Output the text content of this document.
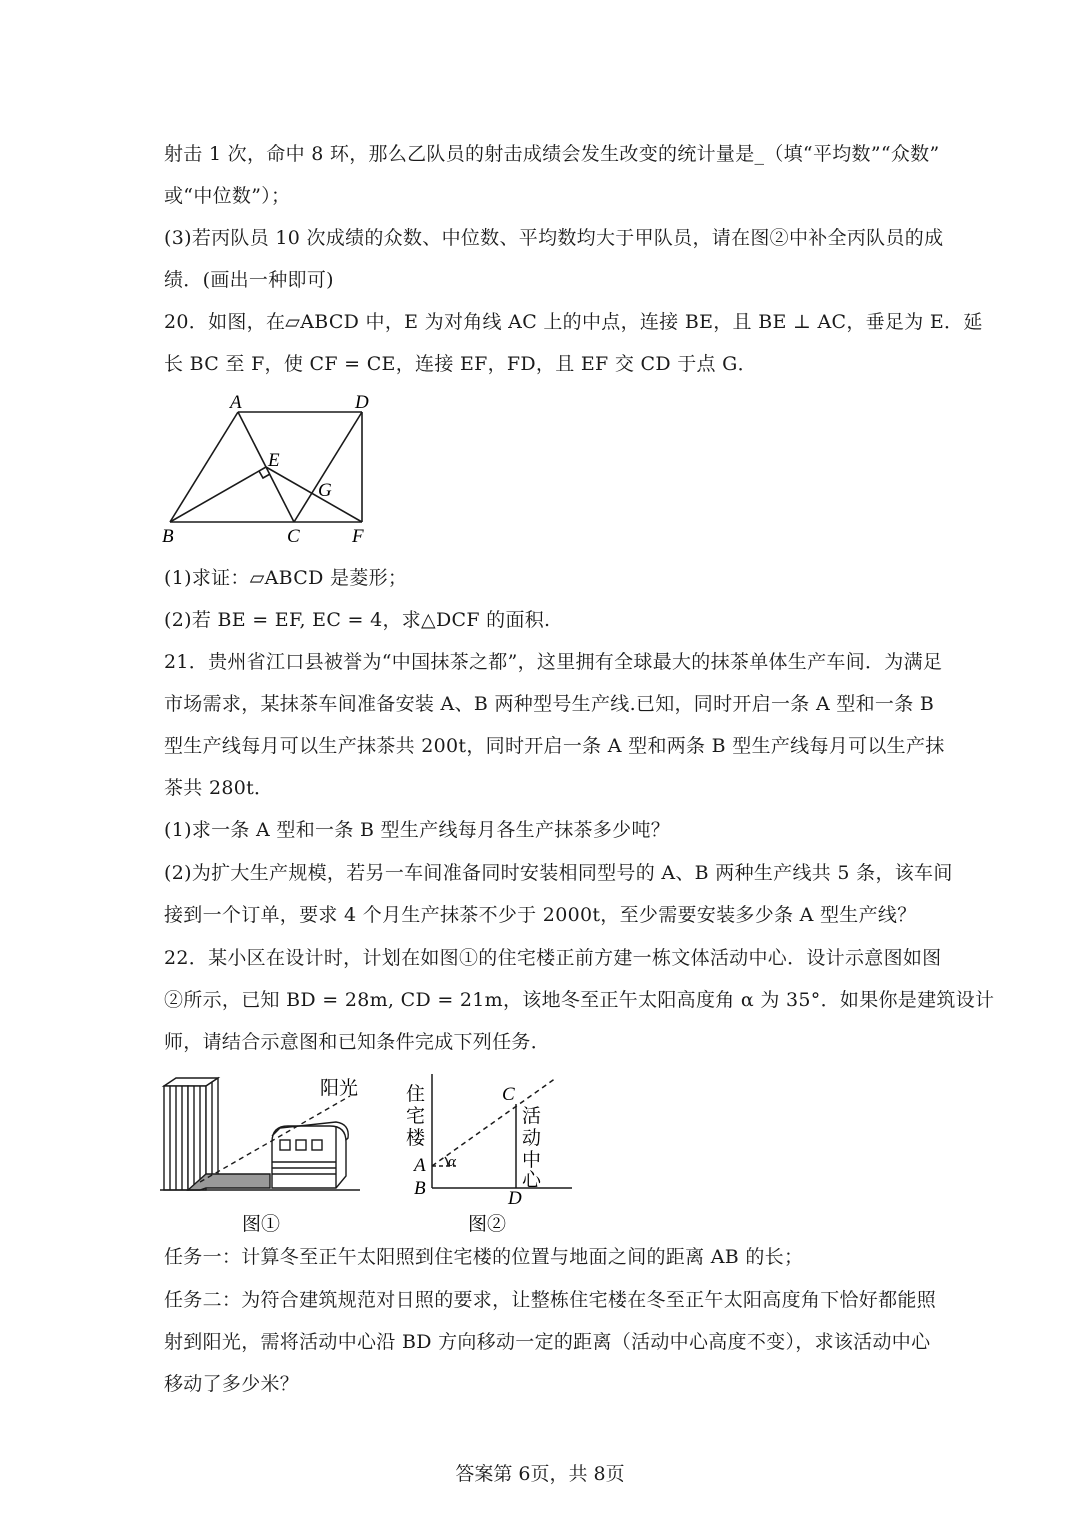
射击 1 次，命中 8 环，那么乙队员的射击成绩会发生改变的统计量是_（填“平均数”“众数”
或“中位数”）；
(3)若丙队员 10 次成绩的众数、中位数、平均数均大于甲队员，请在图②中补全丙队员的成
绩．(画出一种即可)
20．如图，在▱ABCD 中，E 为对角线 AC 上的中点，连接 BE，且 BE ⊥ AC，垂足为 E．延
长 BC 至 F，使 CF = CE，连接 EF，FD，且 EF 交 CD 于点 G．
A	D
E
G
B	C	F
(1)求证：▱ABCD 是菱形；
(2)若 BE = EF, EC = 4，求△DCF 的面积.
21．贵州省江口县被誉为“中国抹茶之都”，这里拥有全球最大的抹茶单体生产车间．为满足
市场需求，某抹茶车间准备安装 A、B 两种型号生产线.已知，同时开启一条 A 型和一条 B
型生产线每月可以生产抹茶共 200t，同时开启一条 A 型和两条 B 型生产线每月可以生产抹
茶共 280t．
(1)求一条 A 型和一条 B 型生产线每月各生产抹茶多少吨？
(2)为扩大生产规模，若另一车间准备同时安装相同型号的 A、B 两种生产线共 5 条，该车间
接到一个订单，要求 4 个月生产抹茶不少于 2000t，至少需要安装多少条 A 型生产线？
22．某小区在设计时，计划在如图①的住宅楼正前方建一栋文体活动中心．设计示意图如图
②所示，已知 BD = 28m, CD = 21m，该地冬至正午太阳高度角 α 为 35°．如果你是建筑设计
师，请结合示意图和已知条件完成下列任务．
阳光
图①
住
宅
楼
活
动
中
心
α
C
A
B	D
图②
任务一：计算冬至正午太阳照到住宅楼的位置与地面之间的距离 AB 的长；
任务二：为符合建筑规范对日照的要求，让整栋住宅楼在冬至正午太阳高度角下恰好都能照
射到阳光，需将活动中心沿 BD 方向移动一定的距离（活动中心高度不变），求该活动中心
移动了多少米？
答案第 6页，共 8页
